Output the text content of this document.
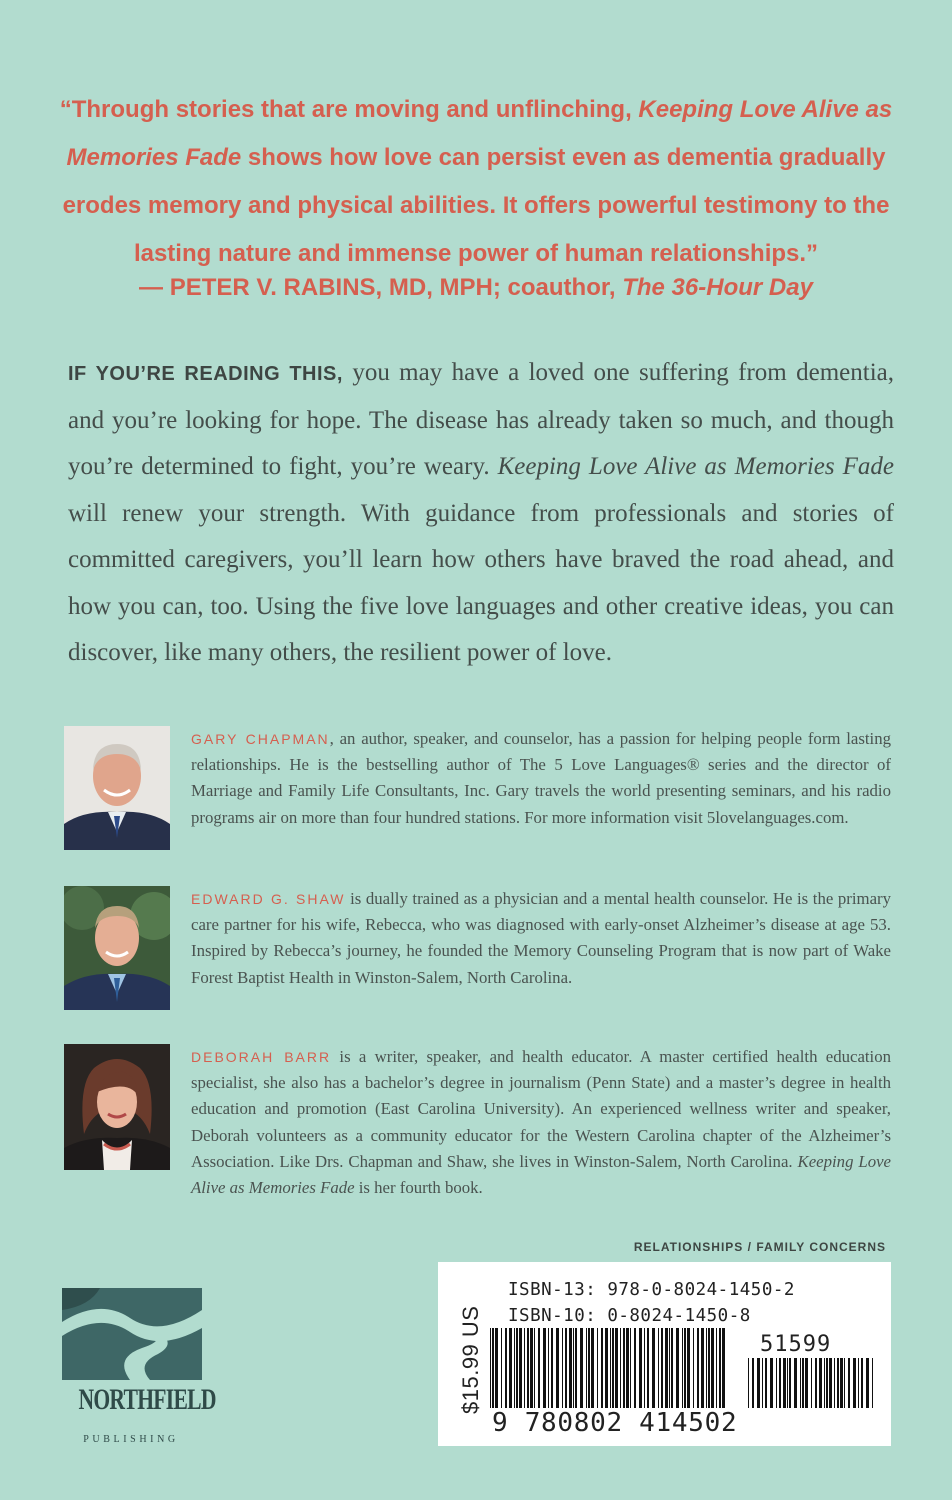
“Through stories that are moving and unflinching, Keeping Love Alive as Memories Fade shows how love can persist even as dementia gradually erodes memory and physical abilities. It offers powerful testimony to the lasting nature and immense power of human relationships.”
— PETER V. RABINS, MD, MPH; coauthor, The 36-Hour Day
IF YOU’RE READING THIS, you may have a loved one suffering from dementia, and you’re looking for hope. The disease has already taken so much, and though you’re determined to fight, you’re weary. Keeping Love Alive as Memories Fade will renew your strength. With guidance from professionals and stories of committed caregivers, you’ll learn how others have braved the road ahead, and how you can, too. Using the five love languages and other creative ideas, you can discover, like many others, the resilient power of love.
GARY CHAPMAN, an author, speaker, and counselor, has a passion for helping people form lasting relationships. He is the bestselling author of The 5 Love Languages® series and the director of Marriage and Family Life Consultants, Inc. Gary travels the world presenting seminars, and his radio programs air on more than four hundred stations. For more information visit 5lovelanguages.com.
EDWARD G. SHAW is dually trained as a physician and a mental health counselor. He is the primary care partner for his wife, Rebecca, who was diagnosed with early-onset Alzheimer’s disease at age 53. Inspired by Rebecca’s journey, he founded the Memory Counseling Program that is now part of Wake Forest Baptist Health in Winston-Salem, North Carolina.
DEBORAH BARR is a writer, speaker, and health educator. A master certified health education specialist, she also has a bachelor’s degree in journalism (Penn State) and a master’s degree in health education and promotion (East Carolina University). An experienced wellness writer and speaker, Deborah volunteers as a community educator for the Western Carolina chapter of the Alzheimer’s Association. Like Drs. Chapman and Shaw, she lives in Winston-Salem, North Carolina. Keeping Love Alive as Memories Fade is her fourth book.
RELATIONSHIPS / FAMILY CONCERNS
NORTHFIELD
PUBLISHING
$15.99 US
ISBN-13: 978-0-8024-1450-2
ISBN-10: 0-8024-1450-8
51599
9 780802 414502
